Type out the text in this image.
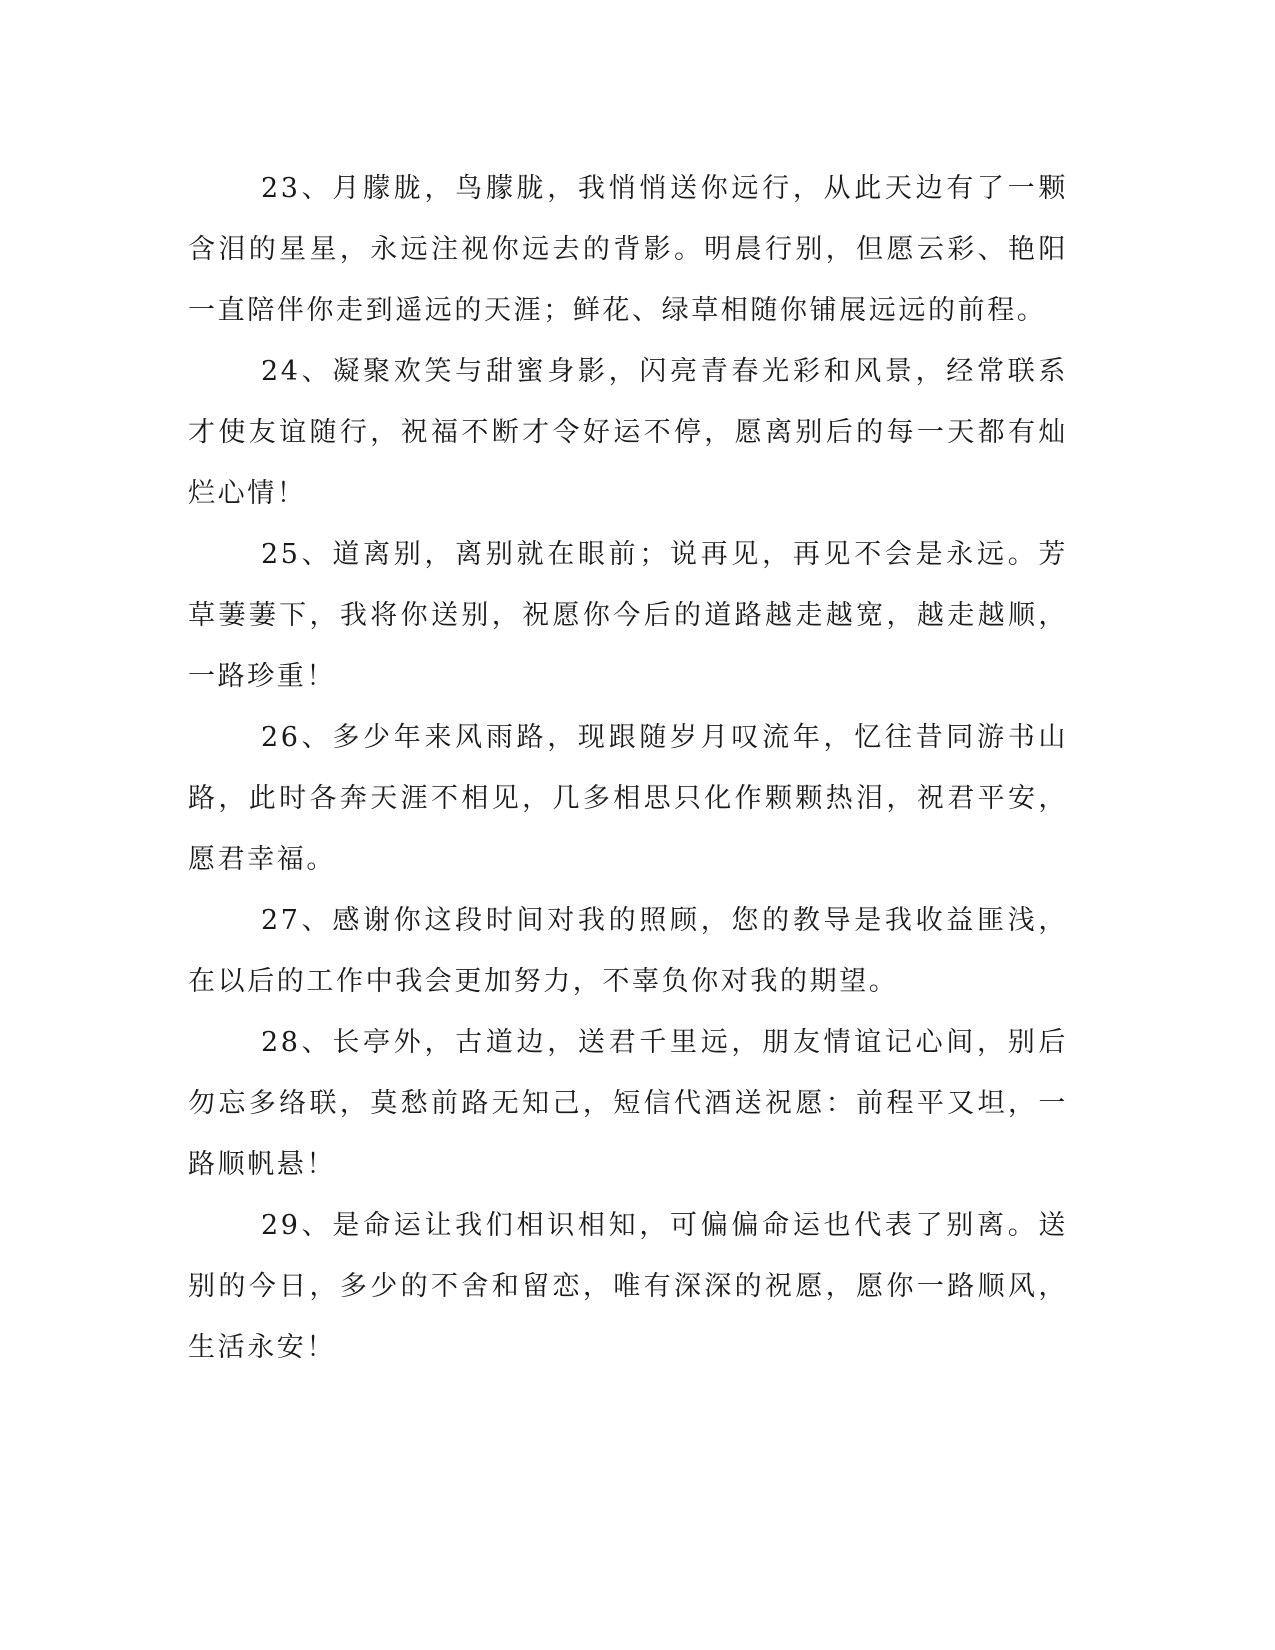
23、月朦胧，鸟朦胧，我悄悄送你远行，从此天边有了一颗含泪的星星，永远注视你远去的背影。明晨行别，但愿云彩、艳阳一直陪伴你走到遥远的天涯；鲜花、绿草相随你铺展远远的前程。

24、凝聚欢笑与甜蜜身影，闪亮青春光彩和风景，经常联系才使友谊随行，祝福不断才令好运不停，愿离别后的每一天都有灿烂心情！

25、道离别，离别就在眼前；说再见，再见不会是永远。芳草萋萋下，我将你送别，祝愿你今后的道路越走越宽，越走越顺，一路珍重！

26、多少年来风雨路，现跟随岁月叹流年，忆往昔同游书山路，此时各奔天涯不相见，几多相思只化作颗颗热泪，祝君平安，愿君幸福。

27、感谢你这段时间对我的照顾，您的教导是我收益匪浅，在以后的工作中我会更加努力，不辜负你对我的期望。

28、长亭外，古道边，送君千里远，朋友情谊记心间，别后勿忘多络联，莫愁前路无知己，短信代酒送祝愿：前程平又坦，一路顺帆悬！

29、是命运让我们相识相知，可偏偏命运也代表了别离。送别的今日，多少的不舍和留恋，唯有深深的祝愿，愿你一路顺风，生活永安！
